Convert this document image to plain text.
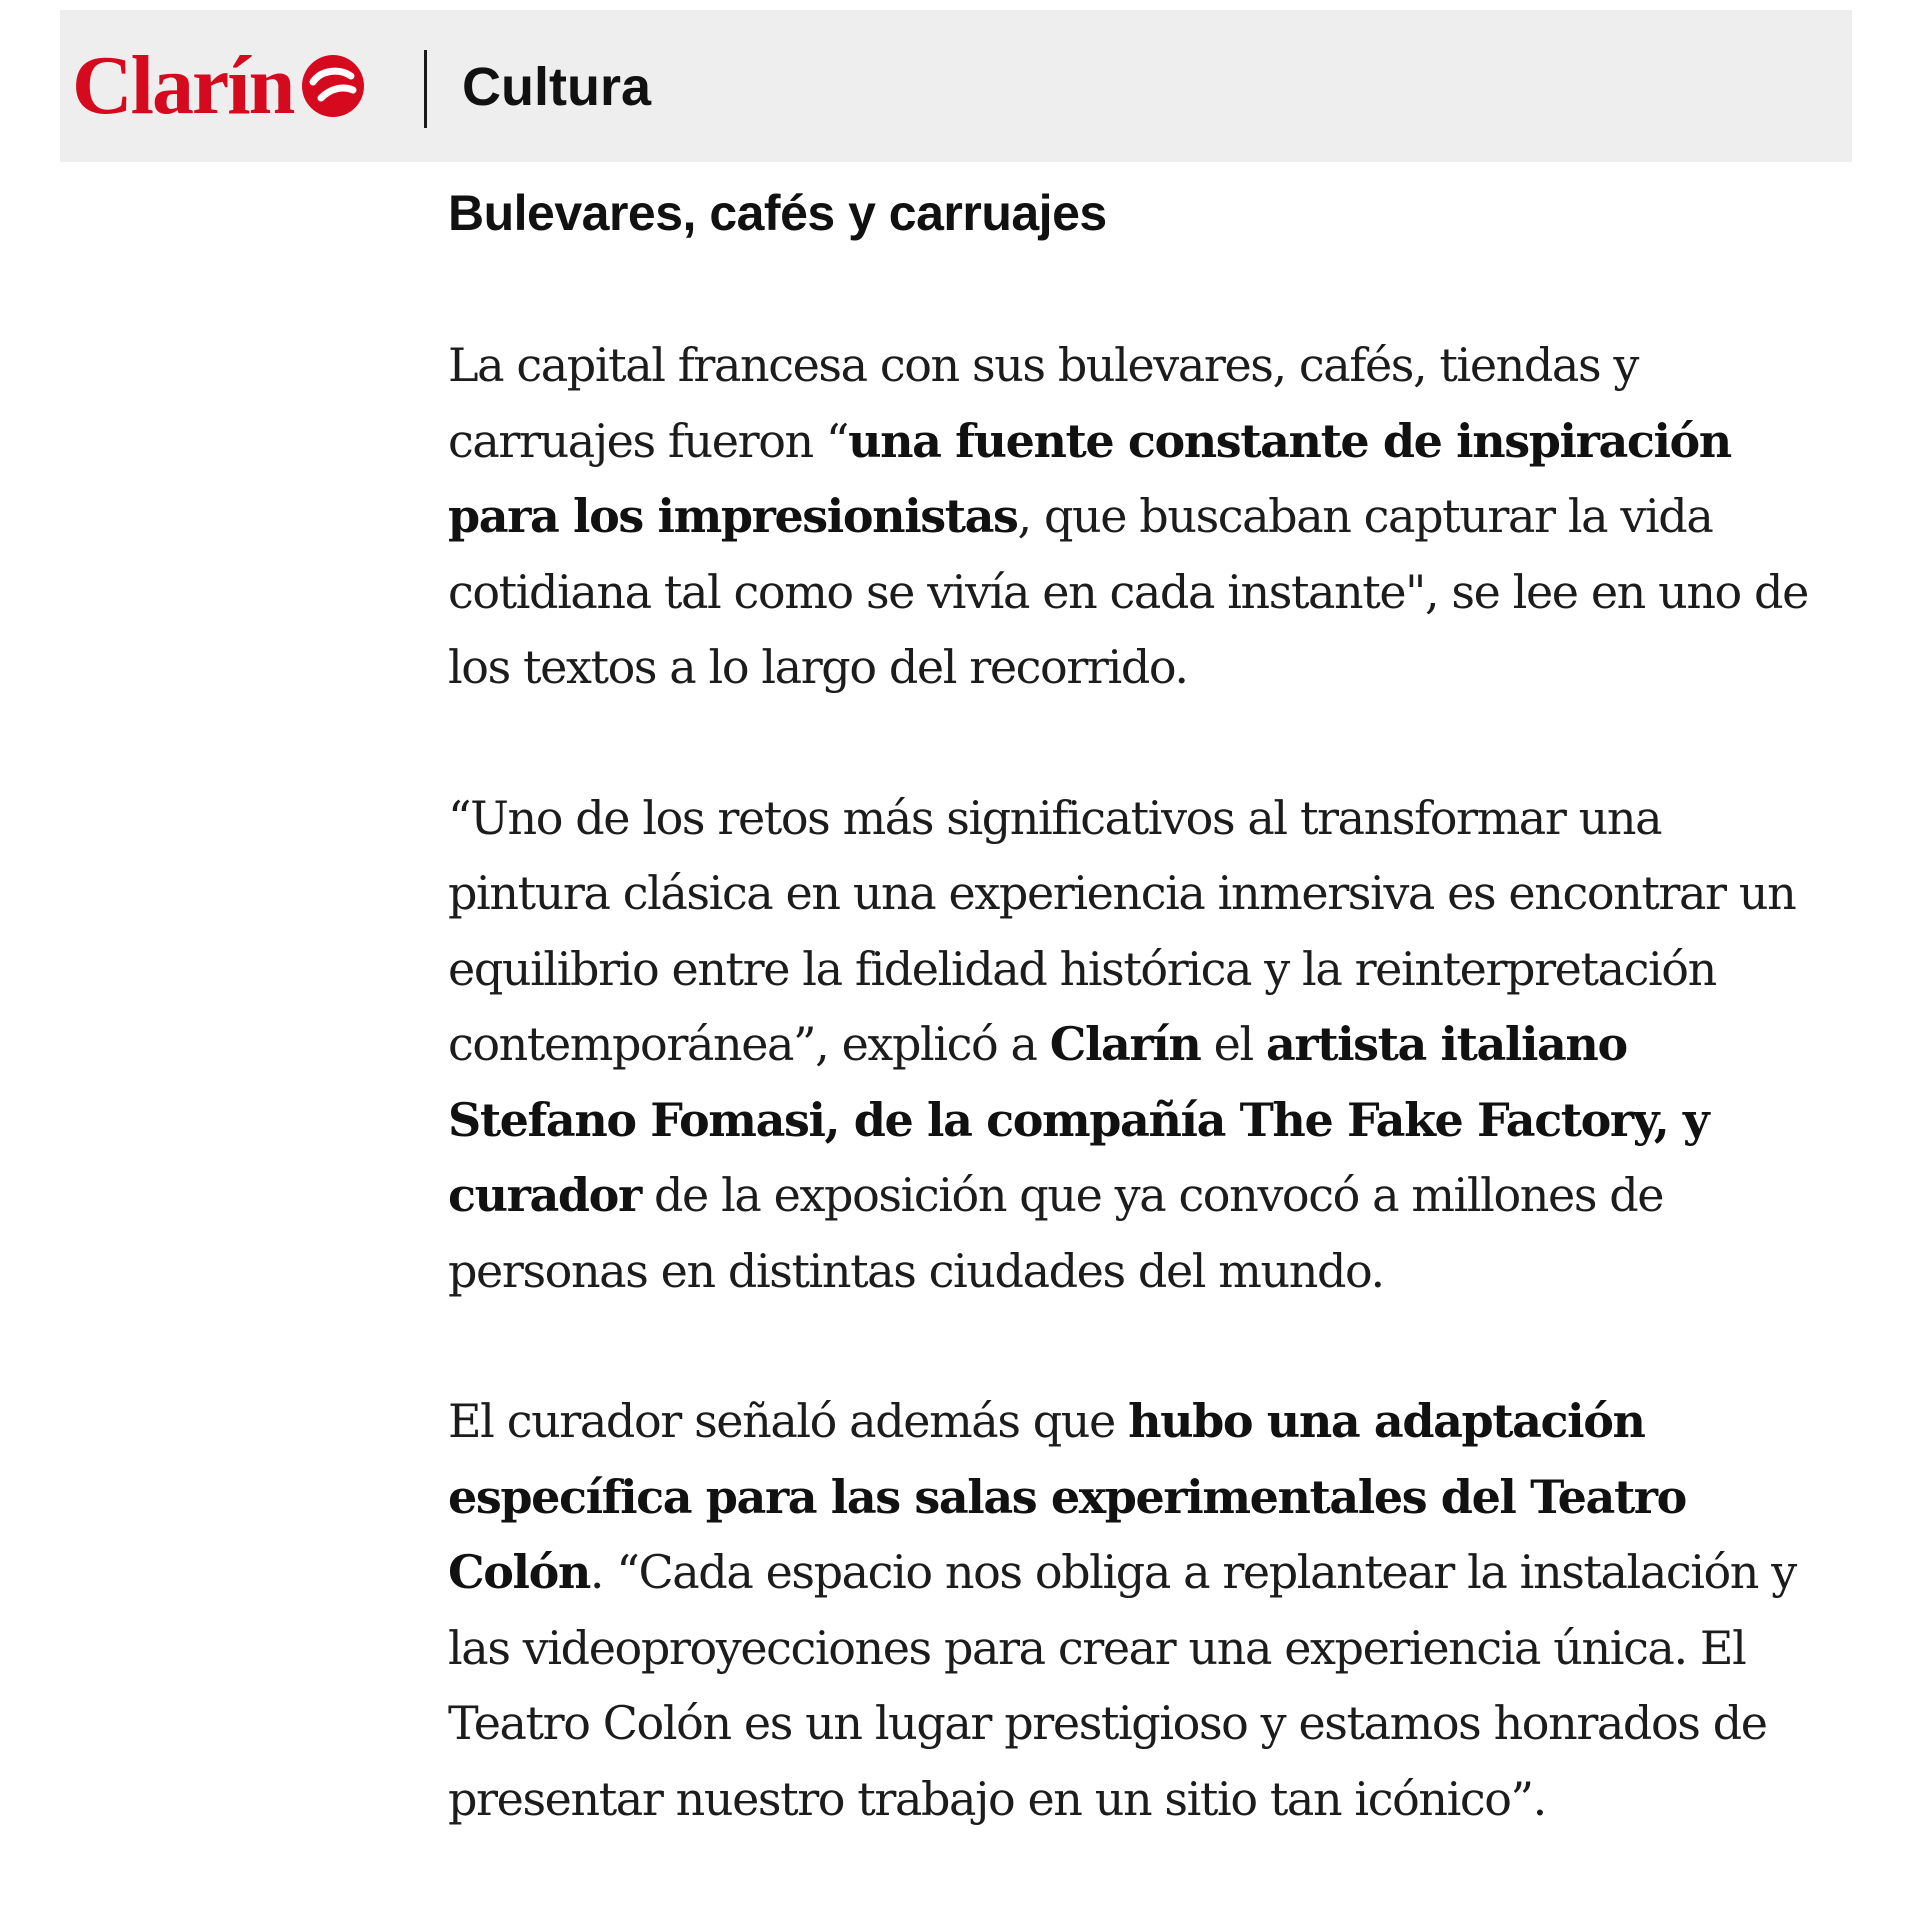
Clarín	Cultura
Bulevares, cafés y carruajes

La capital francesa con sus bulevares, cafés, tiendas y carruajes fueron “una fuente constante de inspiración para los impresionistas, que buscaban capturar la vida cotidiana tal como se vivía en cada instante", se lee en uno de los textos a lo largo del recorrido.

“Uno de los retos más significativos al transformar una pintura clásica en una experiencia inmersiva es encontrar un equilibrio entre la fidelidad histórica y la reinterpretación contemporánea”, explicó a Clarín el artista italiano Stefano Fomasi, de la compañía The Fake Factory, y curador de la exposición que ya convocó a millones de personas en distintas ciudades del mundo.

El curador señaló además que hubo una adaptación específica para las salas experimentales del Teatro Colón. “Cada espacio nos obliga a replantear la instalación y las videoproyecciones para crear una experiencia única. El Teatro Colón es un lugar prestigioso y estamos honrados de presentar nuestro trabajo en un sitio tan icónico”.
